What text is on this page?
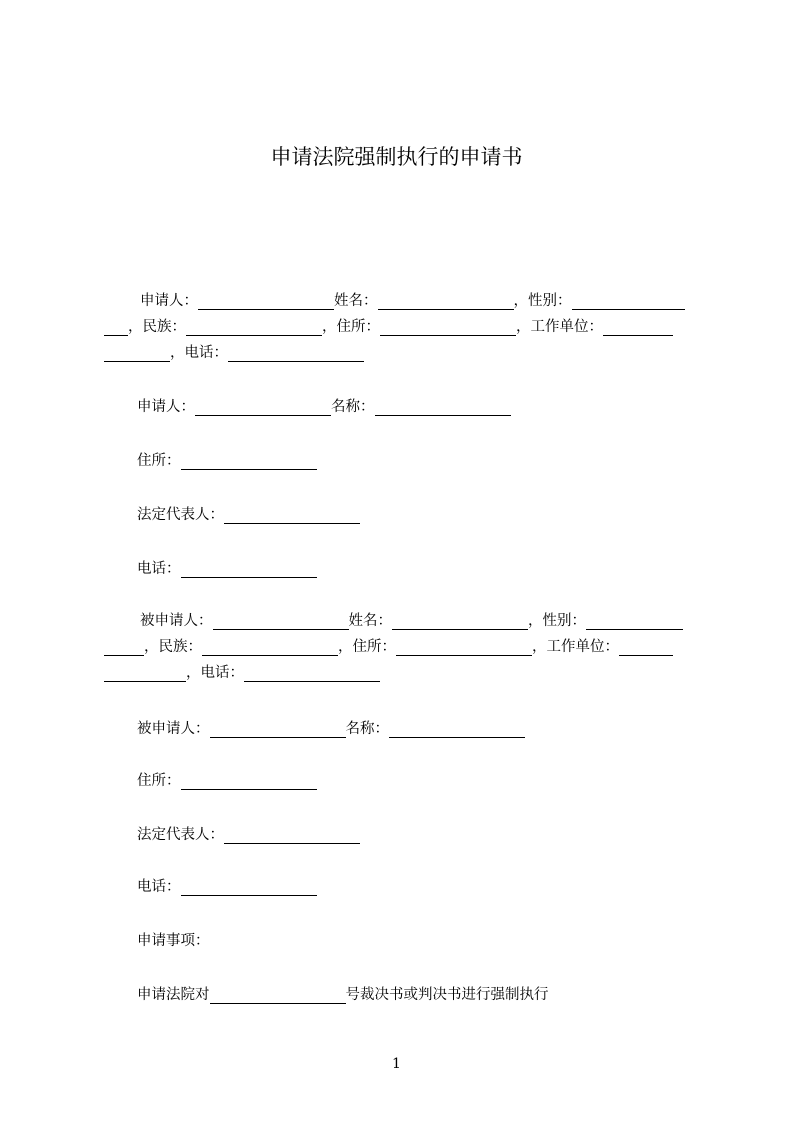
申请法院强制执行的申请书
申请人：	姓名：	，性别：
，民族：	，住所：	，工作单位：
，电话：
申请人：	名称：
住所：
法定代表人：
电话：
被申请人：	姓名：	，性别：
，民族：	，住所：	，工作单位：
，电话：
被申请人：	名称：
住所：
法定代表人：
电话：
申请事项：
申请法院对	号裁决书或判决书进行强制执行
1
